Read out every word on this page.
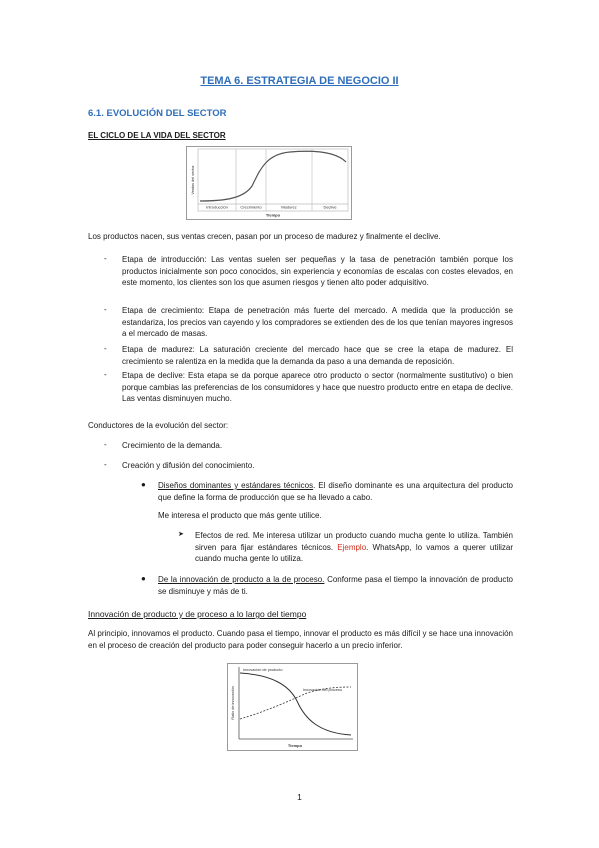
TEMA 6. ESTRATEGIA DE NEGOCIO II
6.1. EVOLUCIÓN DEL SECTOR
EL CICLO DE LA VIDA DEL SECTOR
Introducción	Crecimiento	Madurez	Declive
Tiempo
Ventas del sector
Los productos nacen, sus ventas crecen, pasan por un proceso de madurez y finalmente el declive.
- Etapa de introducción: Las ventas suelen ser pequeñas y la tasa de penetración también porque los productos inicialmente son poco conocidos, sin experiencia y economías de escalas con costes elevados, en este momento, los clientes son los que asumen riesgos y tienen alto poder adquisitivo.
- Etapa de crecimiento: Etapa de penetración más fuerte del mercado. A medida que la producción se estandariza, los precios van cayendo y los compradores se extienden des de los que tenían mayores ingresos a el mercado de masas.
- Etapa de madurez: La saturación creciente del mercado hace que se cree la etapa de madurez. El crecimiento se ralentiza en la medida que la demanda da paso a una demanda de reposición.
- Etapa de declive: Esta etapa se da porque aparece otro producto o sector (normalmente sustitutivo) o bien porque cambias las preferencias de los consumidores y hace que nuestro producto entre en etapa de declive. Las ventas disminuyen mucho.
Conductores de la evolución del sector:
- Crecimiento de la demanda.
- Creación y difusión del conocimiento.
● Diseños dominantes y estándares técnicos. El diseño dominante es una arquitectura del producto que define la forma de producción que se ha llevado a cabo.
Me interesa el producto que más gente utilice.
➤ Efectos de red. Me interesa utilizar un producto cuando mucha gente lo utiliza. También sirven para fijar estándares técnicos. Ejemplo. WhatsApp, lo vamos a querer utilizar cuando mucha gente lo utiliza.
● De la innovación de producto a la de proceso. Conforme pasa el tiempo la innovación de producto se disminuye y más de ti.
Innovación de producto y de proceso a lo largo del tiempo
Al principio, innovamos el producto. Cuando pasa el tiempo, innovar el producto es más difícil y se hace una innovación en el proceso de creación del producto para poder conseguir hacerlo a un precio inferior.
Innovación de producto
Innovación del proceso
Tiempo
Ratio de innovación
1
